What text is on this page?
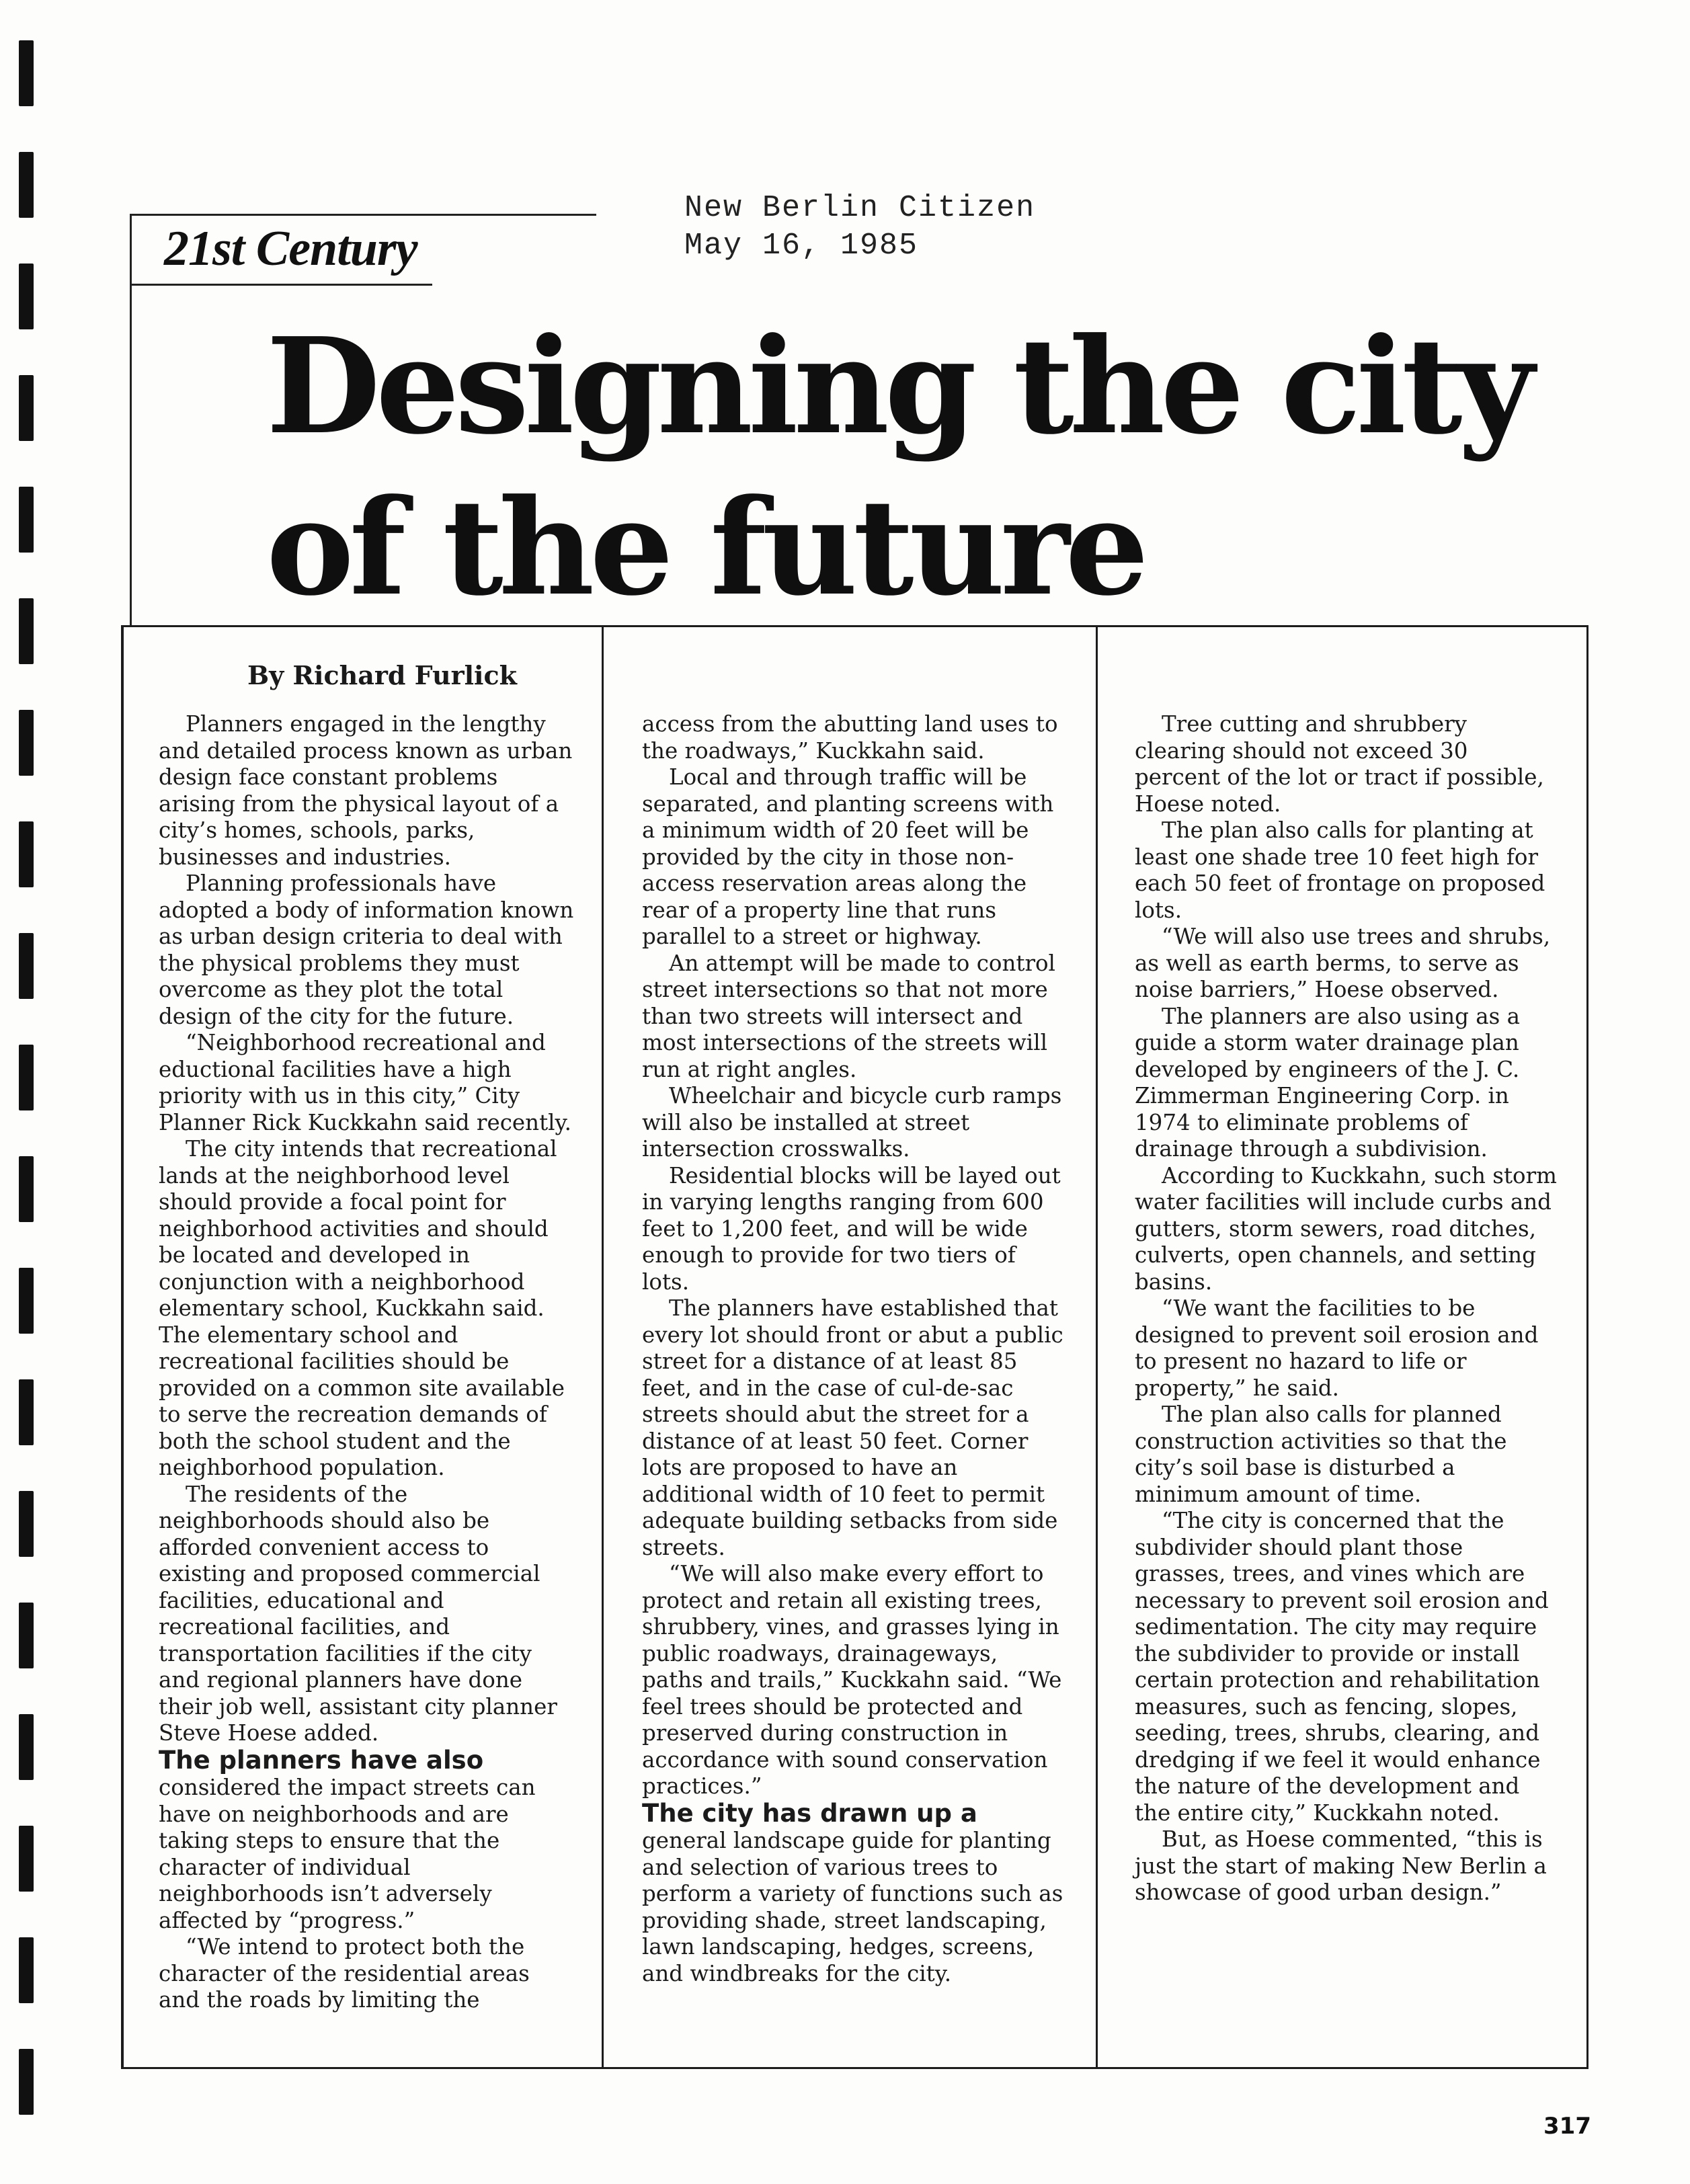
New Berlin Citizen
May 16, 1985
21st Century
Designing the city
of the future
By Richard Furlick

Planners engaged in the lengthy and detailed process known as urban design face constant problems arising from the physical layout of a city’s homes, schools, parks, businesses and industries.

Planning professionals have adopted a body of information known as urban design criteria to deal with the physical problems they must overcome as they plot the total design of the city for the future.

“Neighborhood recreational and eductional facilities have a high priority with us in this city,” City Planner Rick Kuckkahn said recently.

The city intends that recreational lands at the neighborhood level should provide a focal point for neighborhood activities and should be located and developed in conjunction with a neighborhood elementary school, Kuckkahn said. The elementary school and recreational facilities should be provided on a common site available to serve the recreation demands of both the school student and the neighborhood population.

The residents of the neighborhoods should also be afforded convenient access to existing and proposed commercial facilities, educational and recreational facilities, and transportation facilities if the city and regional planners have done their job well, assistant city planner Steve Hoese added.

The planners have also
considered the impact streets can have on neighborhoods and are taking steps to ensure that the character of individual neighborhoods isn’t adversely affected by “progress.”

“We intend to protect both the character of the residential areas and the roads by limiting the

access from the abutting land uses to the roadways,” Kuckkahn said.

Local and through traffic will be separated, and planting screens with a minimum width of 20 feet will be provided by the city in those non-access reservation areas along the rear of a property line that runs parallel to a street or highway.

An attempt will be made to control street intersections so that not more than two streets will intersect and most intersections of the streets will run at right angles.

Wheelchair and bicycle curb ramps will also be installed at street intersection crosswalks.

Residential blocks will be layed out in varying lengths ranging from 600 feet to 1,200 feet, and will be wide enough to provide for two tiers of lots.

The planners have established that every lot should front or abut a public street for a distance of at least 85 feet, and in the case of cul-de-sac streets should abut the street for a distance of at least 50 feet. Corner lots are proposed to have an additional width of 10 feet to permit adequate building setbacks from side streets.

“We will also make every effort to protect and retain all existing trees, shrubbery, vines, and grasses lying in public roadways, drainageways, paths and trails,” Kuckkahn said. “We feel trees should be protected and preserved during construction in accordance with sound conservation practices.”

The city has drawn up a
general landscape guide for planting and selection of various trees to perform a variety of functions such as providing shade, street landscaping, lawn landscaping, hedges, screens, and windbreaks for the city.

Tree cutting and shrubbery clearing should not exceed 30 percent of the lot or tract if possible, Hoese noted.

The plan also calls for planting at least one shade tree 10 feet high for each 50 feet of frontage on proposed lots.

“We will also use trees and shrubs, as well as earth berms, to serve as noise barriers,” Hoese observed.

The planners are also using as a guide a storm water drainage plan developed by engineers of the J. C. Zimmerman Engineering Corp. in 1974 to eliminate problems of drainage through a subdivision.

According to Kuckkahn, such storm water facilities will include curbs and gutters, storm sewers, road ditches, culverts, open channels, and setting basins.

“We want the facilities to be designed to prevent soil erosion and to present no hazard to life or property,” he said.

The plan also calls for planned construction activities so that the city’s soil base is disturbed a minimum amount of time.

“The city is concerned that the subdivider should plant those grasses, trees, and vines which are necessary to prevent soil erosion and sedimentation. The city may require the subdivider to provide or install certain protection and rehabilitation measures, such as fencing, slopes, seeding, trees, shrubs, clearing, and dredging if we feel it would enhance the nature of the development and the entire city,” Kuckkahn noted.

But, as Hoese commented, “this is just the start of making New Berlin a showcase of good urban design.”

317
